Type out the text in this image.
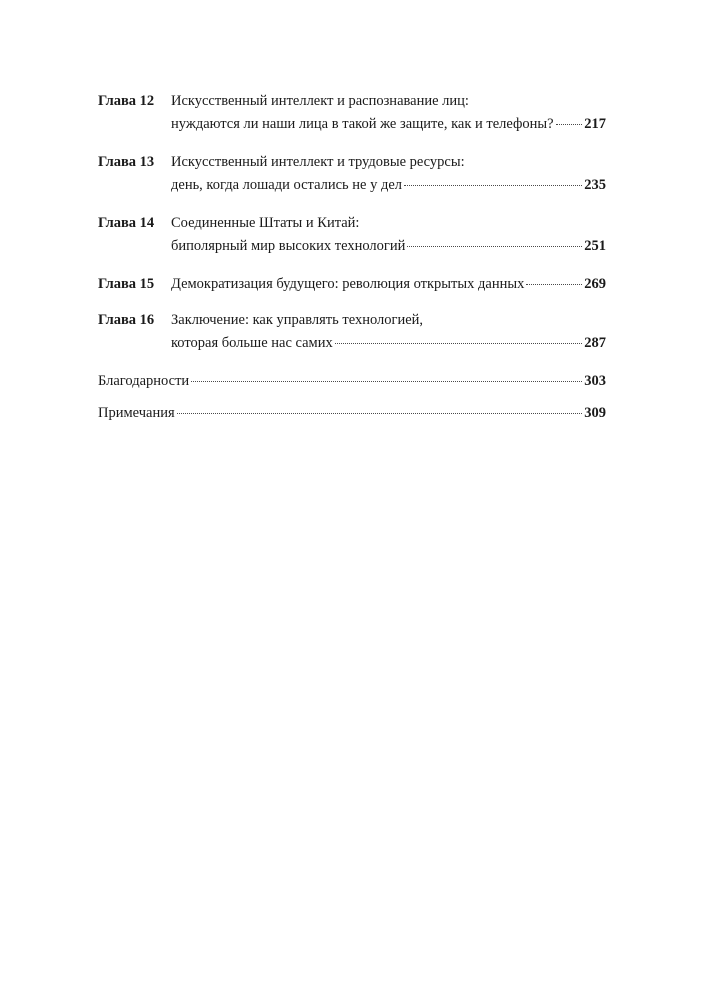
Глава 12	Искусственный интеллект и распознавание лиц:
нуждаются ли наши лица в такой же защите, как и телефоны? 217
Глава 13	Искусственный интеллект и трудовые ресурсы:
день, когда лошади остались не у дел	235
Глава 14	Соединенные Штаты и Китай:
биполярный мир высоких технологий	251
Глава 15	Демократизация будущего: революция открытых данных	269
Глава 16	Заключение: как управлять технологией,
которая больше нас самих	287
Благодарности	303
Примечания	309
